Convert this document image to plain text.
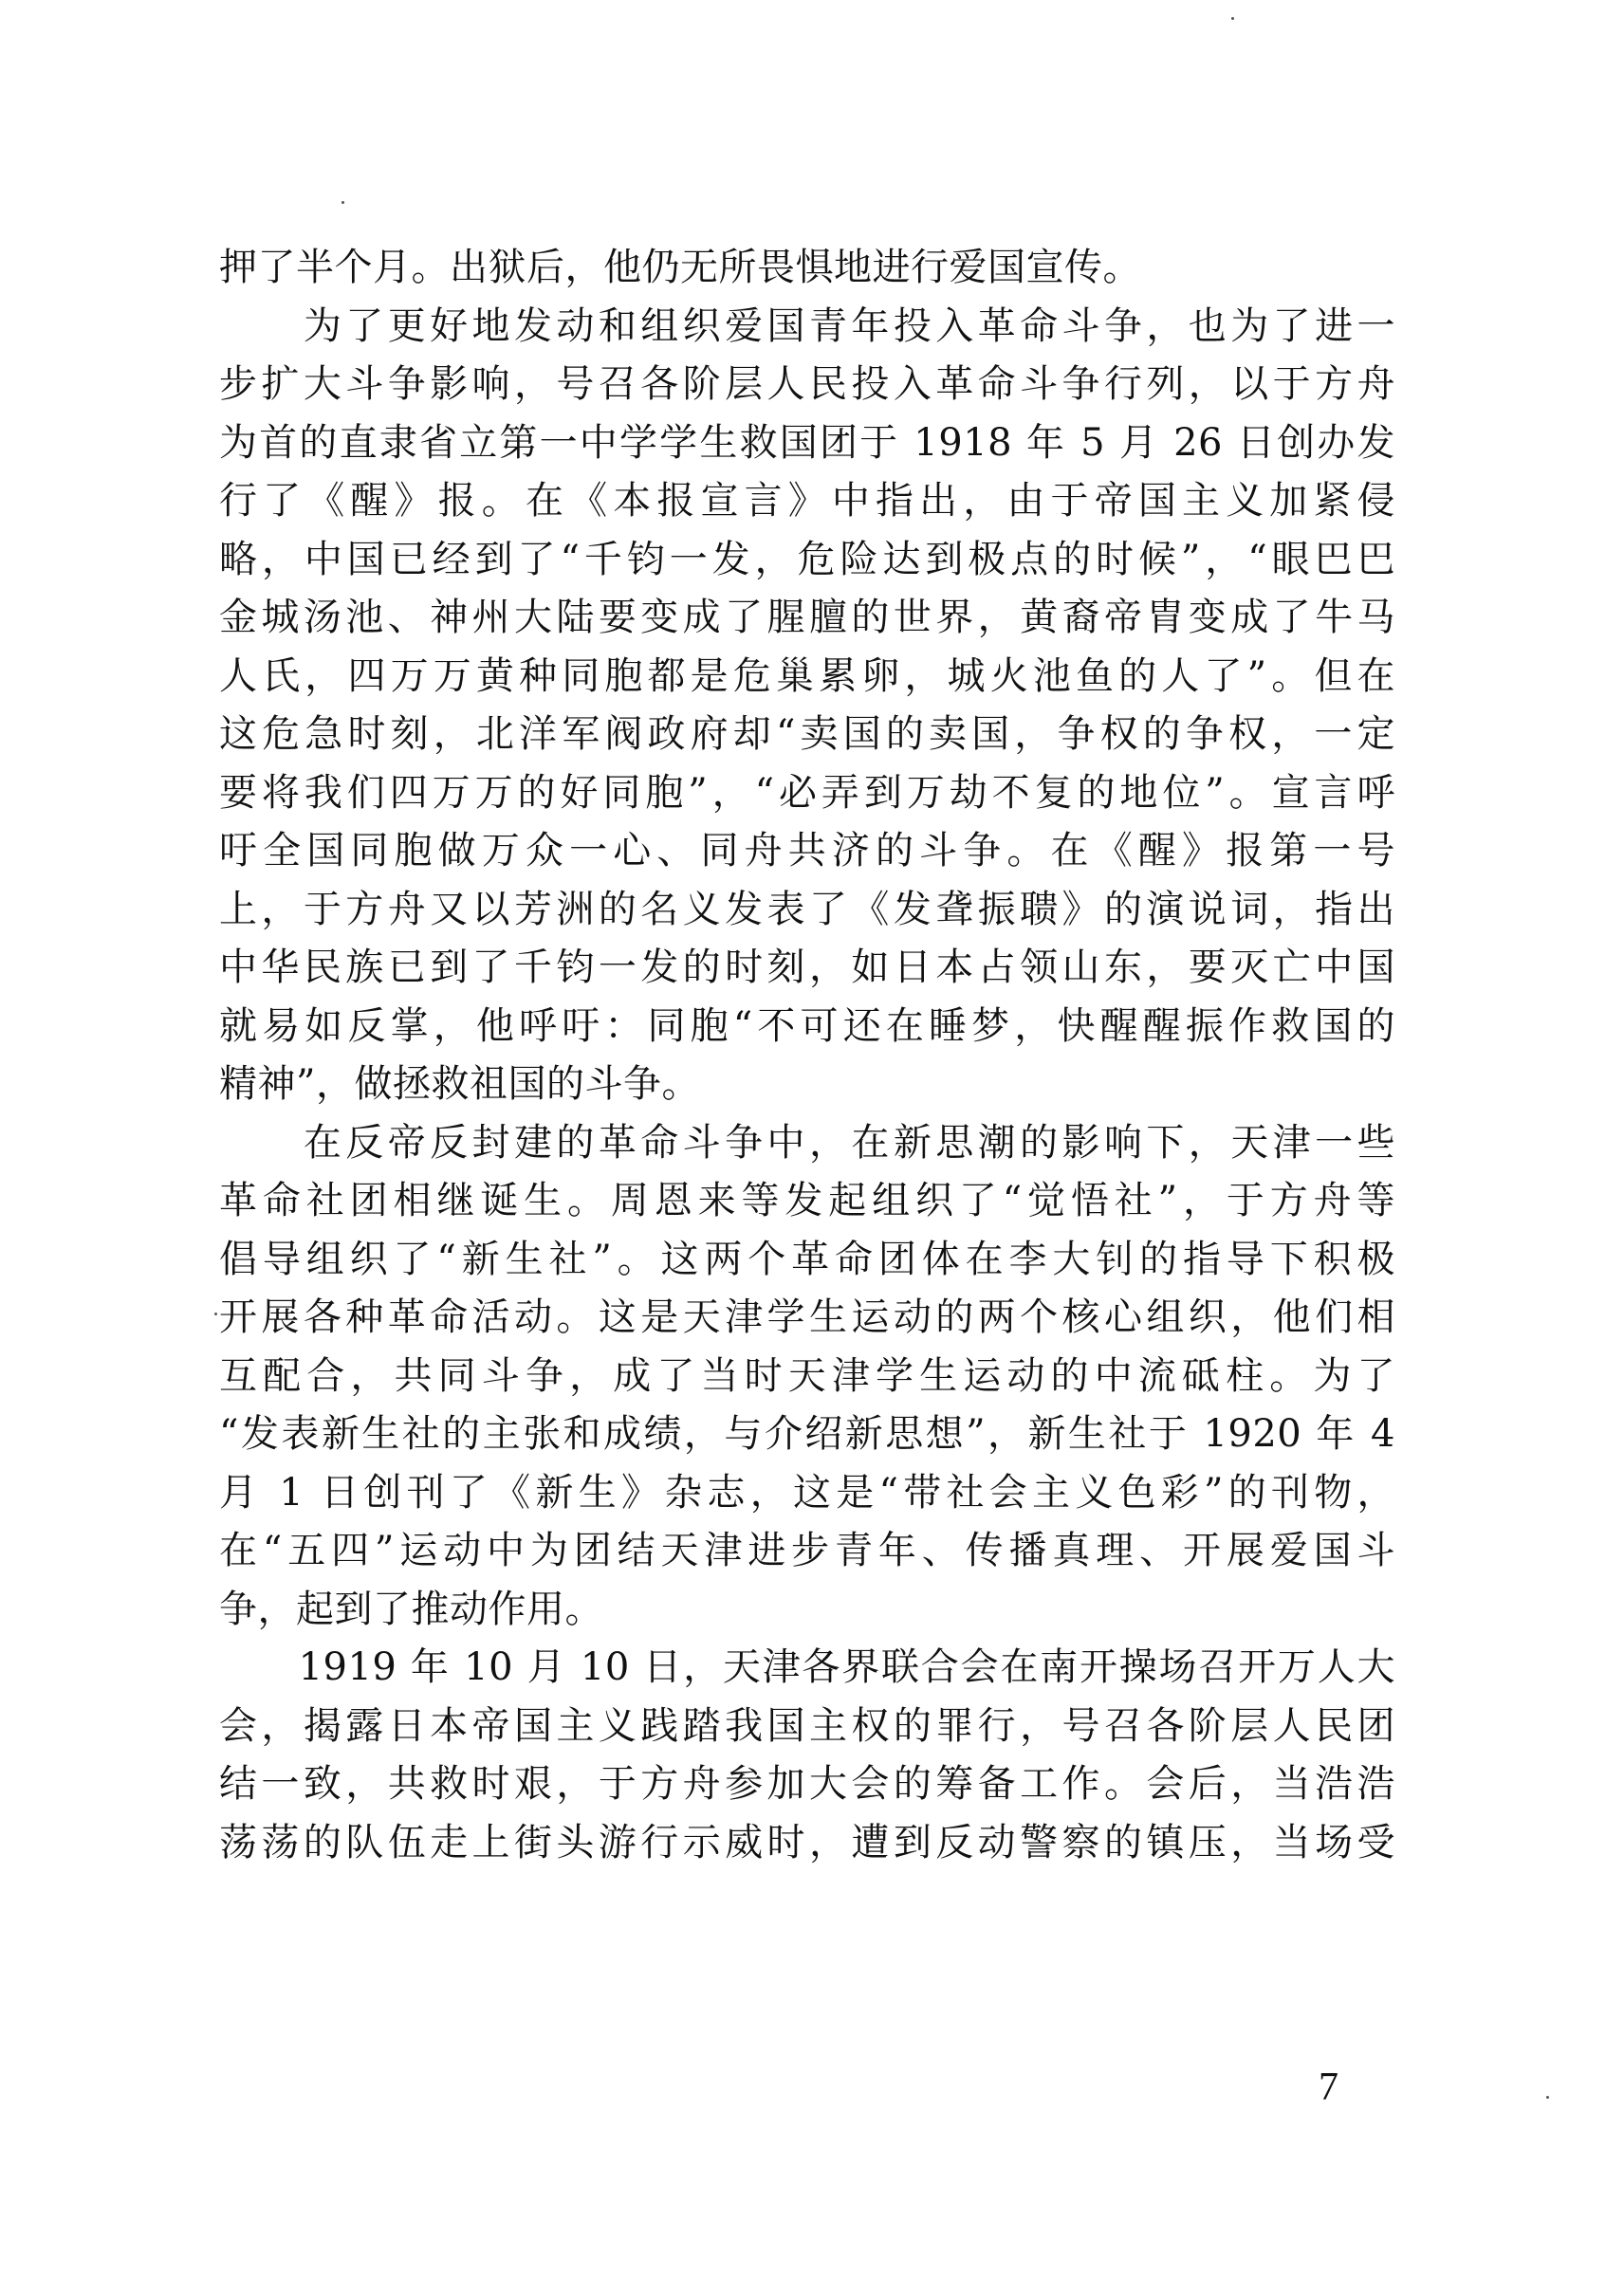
押了半个月。出狱后，他仍无所畏惧地进行爱国宣传。
　　为了更好地发动和组织爱国青年投入革命斗争，也为了进一
步扩大斗争影响，号召各阶层人民投入革命斗争行列，以于方舟
为首的直隶省立第一中学学生救国团于 1918 年 5 月 26 日创办发
行了《醒》报。在《本报宣言》中指出，由于帝国主义加紧侵
略，中国已经到了“千钧一发，危险达到极点的时候”，“眼巴巴
金城汤池、神州大陆要变成了腥膻的世界，黄裔帝胄变成了牛马
人氏，四万万黄种同胞都是危巢累卵，城火池鱼的人了”。但在
这危急时刻，北洋军阀政府却“卖国的卖国，争权的争权，一定
要将我们四万万的好同胞”，“必弄到万劫不复的地位”。宣言呼
吁全国同胞做万众一心、同舟共济的斗争。在《醒》报第一号
上，于方舟又以芳洲的名义发表了《发聋振聩》的演说词，指出
中华民族已到了千钧一发的时刻，如日本占领山东，要灭亡中国
就易如反掌，他呼吁：同胞“不可还在睡梦，快醒醒振作救国的
精神”，做拯救祖国的斗争。
　　在反帝反封建的革命斗争中，在新思潮的影响下，天津一些
革命社团相继诞生。周恩来等发起组织了“觉悟社”，于方舟等
倡导组织了“新生社”。这两个革命团体在李大钊的指导下积极
开展各种革命活动。这是天津学生运动的两个核心组织，他们相
互配合，共同斗争，成了当时天津学生运动的中流砥柱。为了
“发表新生社的主张和成绩，与介绍新思想”，新生社于 1920 年 4
月 1 日创刊了《新生》杂志，这是“带社会主义色彩”的刊物，
在“五四”运动中为团结天津进步青年、传播真理、开展爱国斗
争，起到了推动作用。
　　1919 年 10 月 10 日，天津各界联合会在南开操场召开万人大
会，揭露日本帝国主义践踏我国主权的罪行，号召各阶层人民团
结一致，共救时艰，于方舟参加大会的筹备工作。会后，当浩浩
荡荡的队伍走上街头游行示威时，遭到反动警察的镇压，当场受
7
